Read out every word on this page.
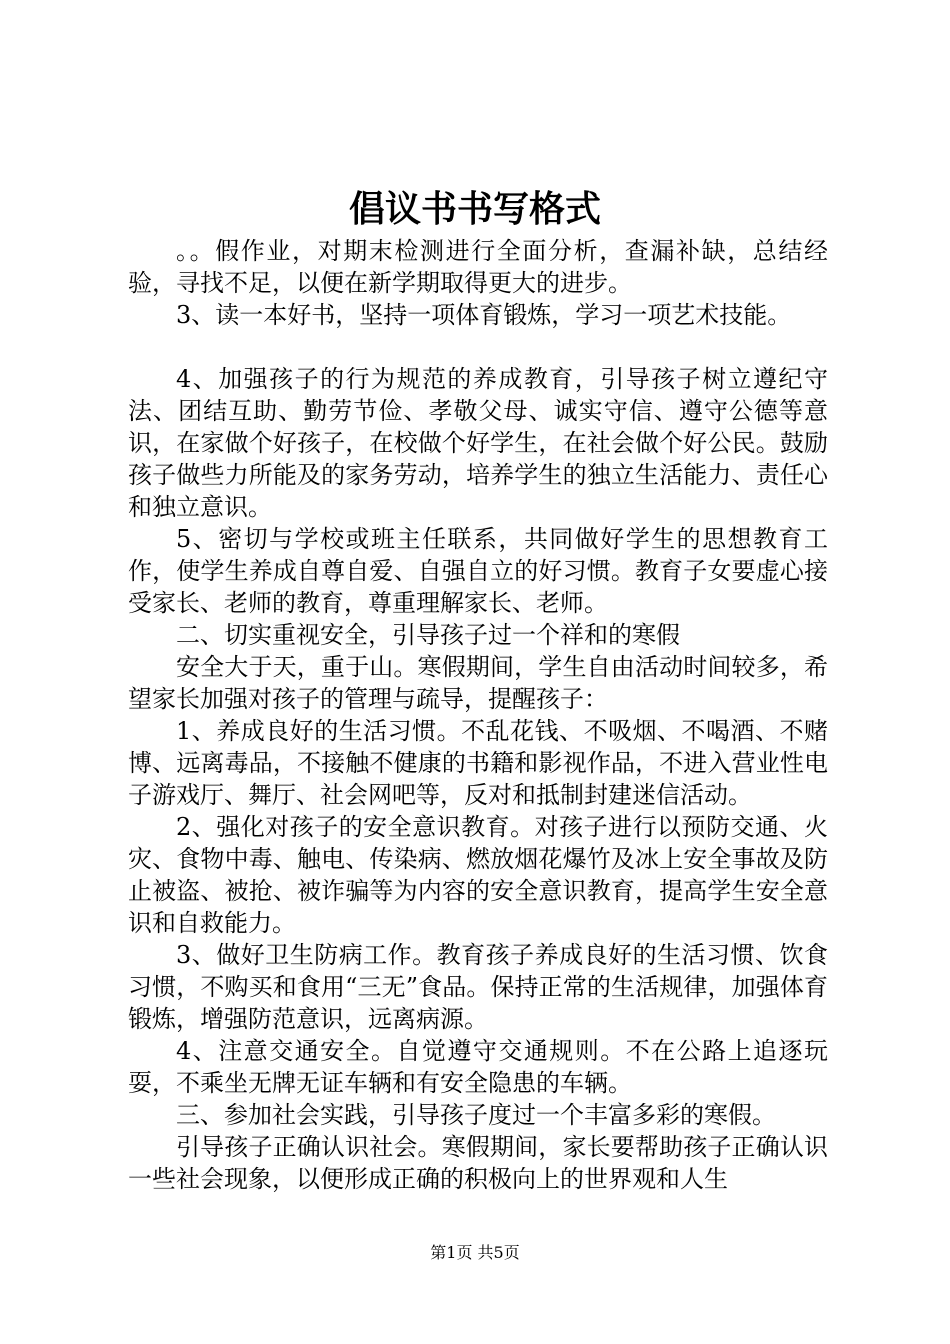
倡议书书写格式

。。假作业，对期末检测进行全面分析，查漏补缺，总结经验，寻找不足，以便在新学期取得更大的进步。

3、读一本好书，坚持一项体育锻炼，学习一项艺术技能。

4、加强孩子的行为规范的养成教育，引导孩子树立遵纪守法、团结互助、勤劳节俭、孝敬父母、诚实守信、遵守公德等意识，在家做个好孩子，在校做个好学生，在社会做个好公民。鼓励孩子做些力所能及的家务劳动，培养学生的独立生活能力、责任心和独立意识。

5、密切与学校或班主任联系，共同做好学生的思想教育工作，使学生养成自尊自爱、自强自立的好习惯。教育子女要虚心接受家长、老师的教育，尊重理解家长、老师。

二、切实重视安全，引导孩子过一个祥和的寒假

安全大于天，重于山。寒假期间，学生自由活动时间较多，希望家长加强对孩子的管理与疏导，提醒孩子：

1、养成良好的生活习惯。不乱花钱、不吸烟、不喝酒、不赌博、远离毒品，不接触不健康的书籍和影视作品，不进入营业性电子游戏厅、舞厅、社会网吧等，反对和抵制封建迷信活动。

2、强化对孩子的安全意识教育。对孩子进行以预防交通、火灾、食物中毒、触电、传染病、燃放烟花爆竹及冰上安全事故及防止被盗、被抢、被诈骗等为内容的安全意识教育，提高学生安全意识和自救能力。

3、做好卫生防病工作。教育孩子养成良好的生活习惯、饮食习惯，不购买和食用“三无”食品。保持正常的生活规律，加强体育锻炼，增强防范意识，远离病源。

4、注意交通安全。自觉遵守交通规则。不在公路上追逐玩耍，不乘坐无牌无证车辆和有安全隐患的车辆。

三、参加社会实践，引导孩子度过一个丰富多彩的寒假。

引导孩子正确认识社会。寒假期间，家长要帮助孩子正确认识一些社会现象，以便形成正确的积极向上的世界观和人生

第1页 共5页
